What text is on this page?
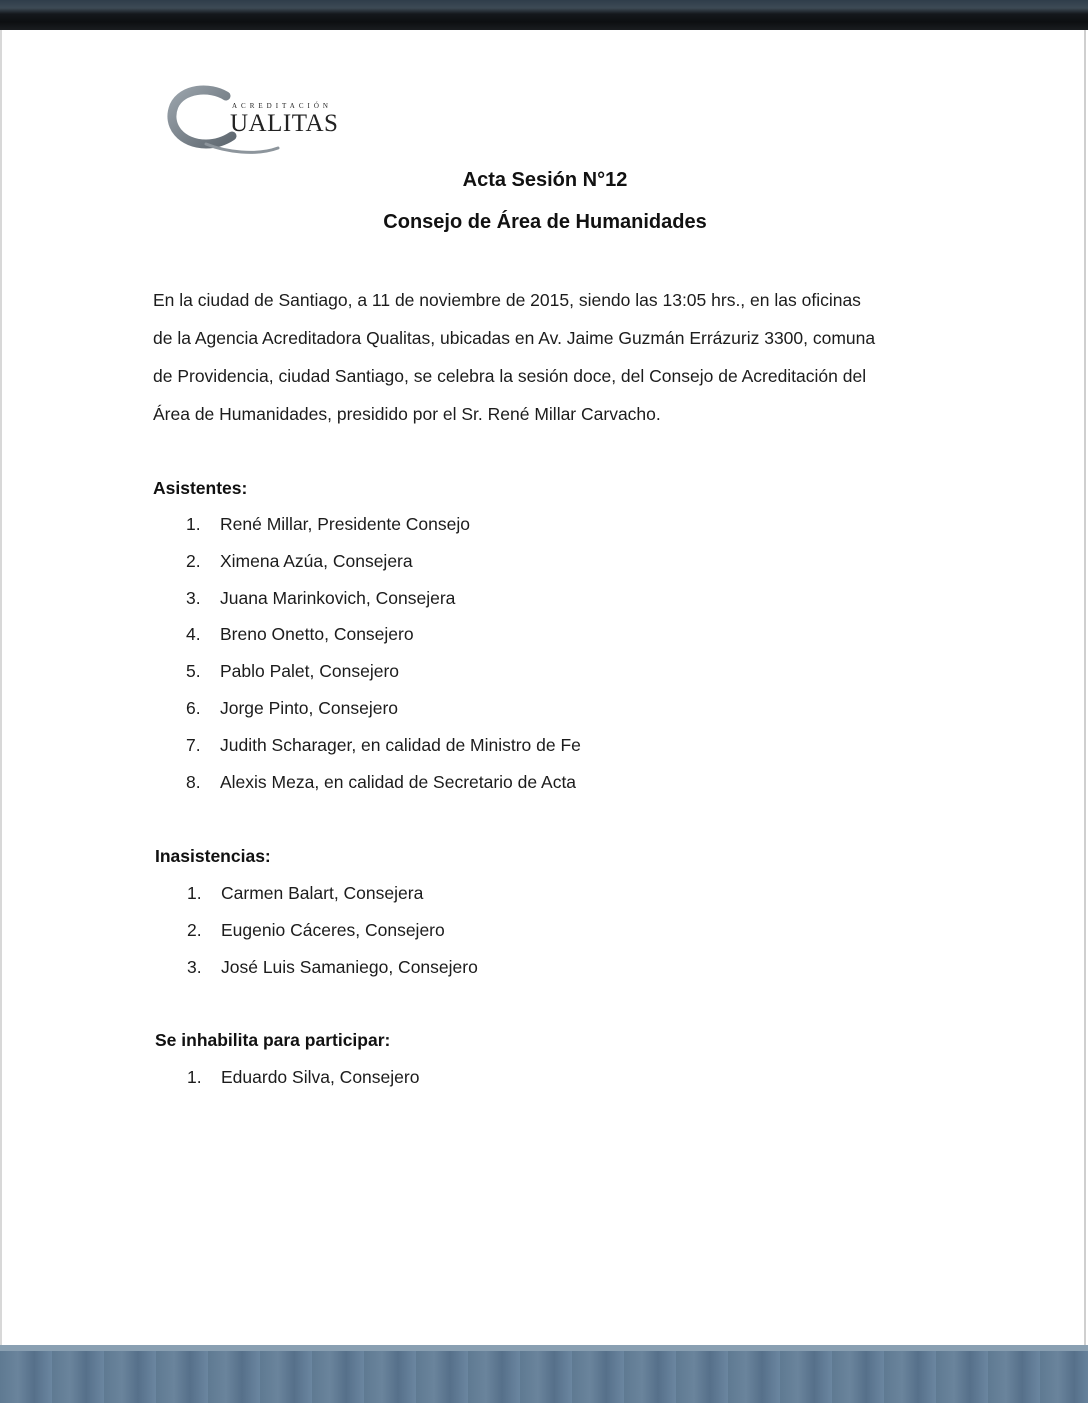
ACREDITACIÓN
UALITAS
Acta Sesión N°12
Consejo de Área de Humanidades
En la ciudad de Santiago, a 11 de noviembre de 2015, siendo las 13:05 hrs., en las oficinas
de la Agencia Acreditadora Qualitas, ubicadas en Av. Jaime Guzmán Errázuriz 3300, comuna
de Providencia, ciudad Santiago, se celebra la sesión doce, del Consejo de Acreditación del
Área de Humanidades, presidido por el Sr. René Millar Carvacho.
Asistentes:
1. René Millar, Presidente Consejo
2. Ximena Azúa, Consejera
3. Juana Marinkovich, Consejera
4. Breno Onetto, Consejero
5. Pablo Palet, Consejero
6. Jorge Pinto, Consejero
7. Judith Scharager, en calidad de Ministro de Fe
8. Alexis Meza, en calidad de Secretario de Acta
Inasistencias:
1. Carmen Balart, Consejera
2. Eugenio Cáceres, Consejero
3. José Luis Samaniego, Consejero
Se inhabilita para participar:
1. Eduardo Silva, Consejero
